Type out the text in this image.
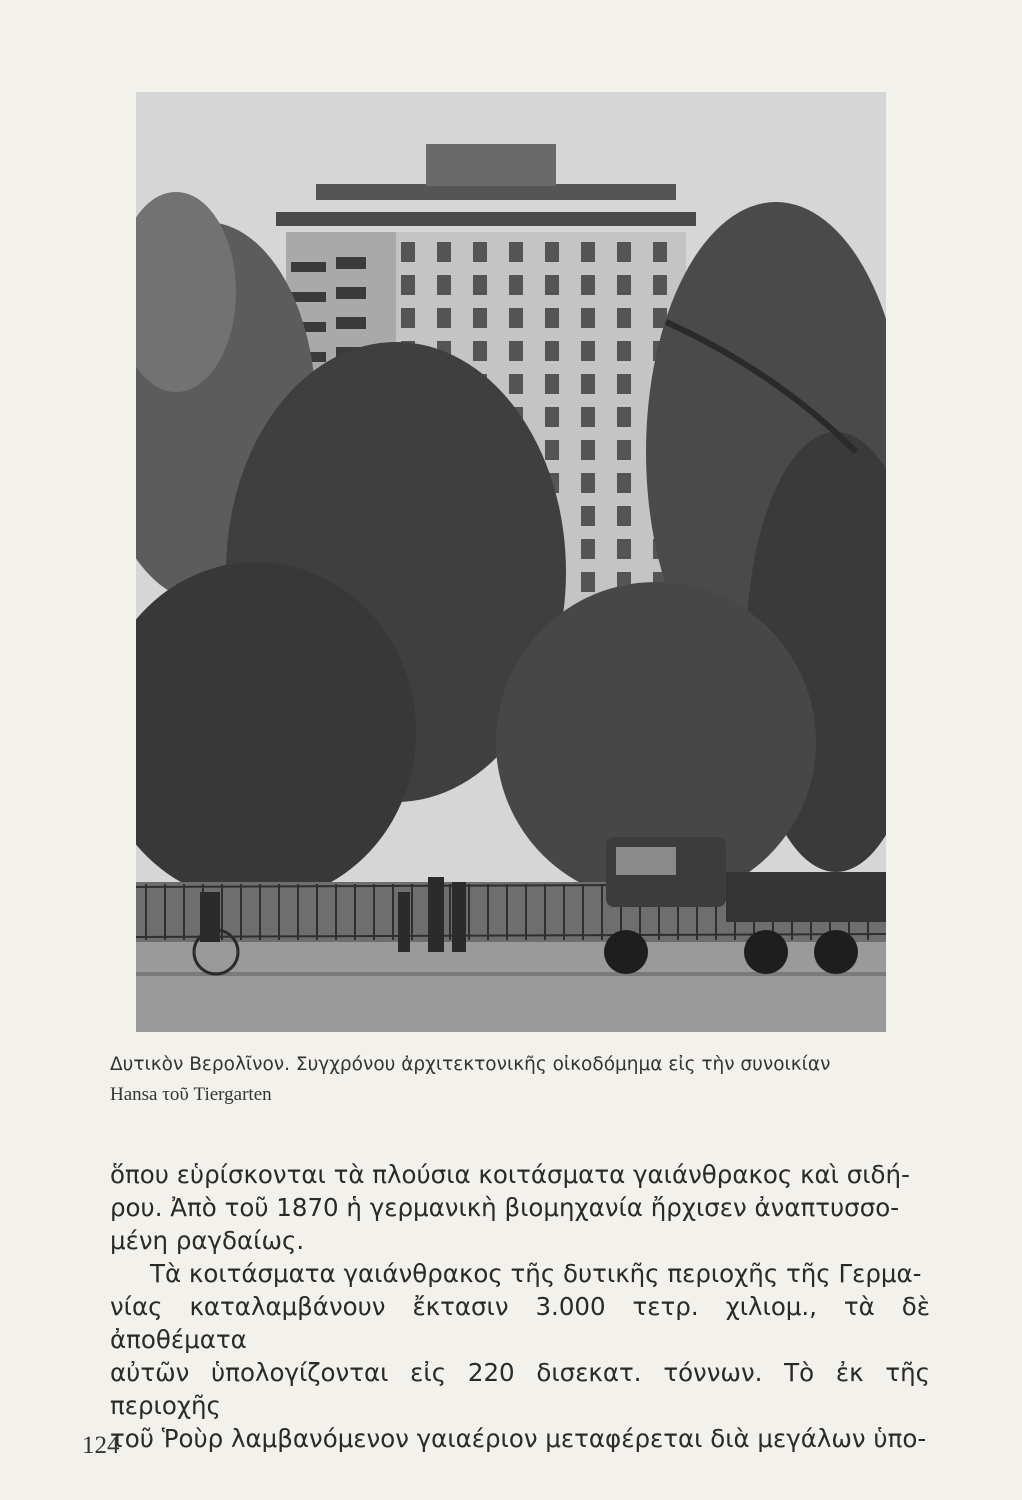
Δυτικὸν Βερολῖνον. Συγχρόνου ἀρχιτεκτονικῆς οἰκοδόμημα εἰς τὴν συνοικίαν
Hansa τοῦ Tiergarten

ὅπου εὑρίσκονται τὰ πλούσια κοιτάσματα γαιάνθρακος καὶ σιδή-

ρου. Ἀπὸ τοῦ 1870 ἡ γερμανικὴ βιομηχανία ἤρχισεν ἀναπτυσσο-

μένη ραγδαίως.

Τὰ κοιτάσματα γαιάνθρακος τῆς δυτικῆς περιοχῆς τῆς Γερμα-

νίας καταλαμβάνουν ἔκτασιν 3.000 τετρ. χιλιομ., τὰ δὲ ἀποθέματα

αὐτῶν ὑπολογίζονται εἰς 220 δισεκατ. τόννων. Τὸ ἐκ τῆς περιοχῆς

τοῦ Ῥοὺρ λαμβανόμενον γαιαέριον μεταφέρεται διὰ μεγάλων ὑπο-

124
